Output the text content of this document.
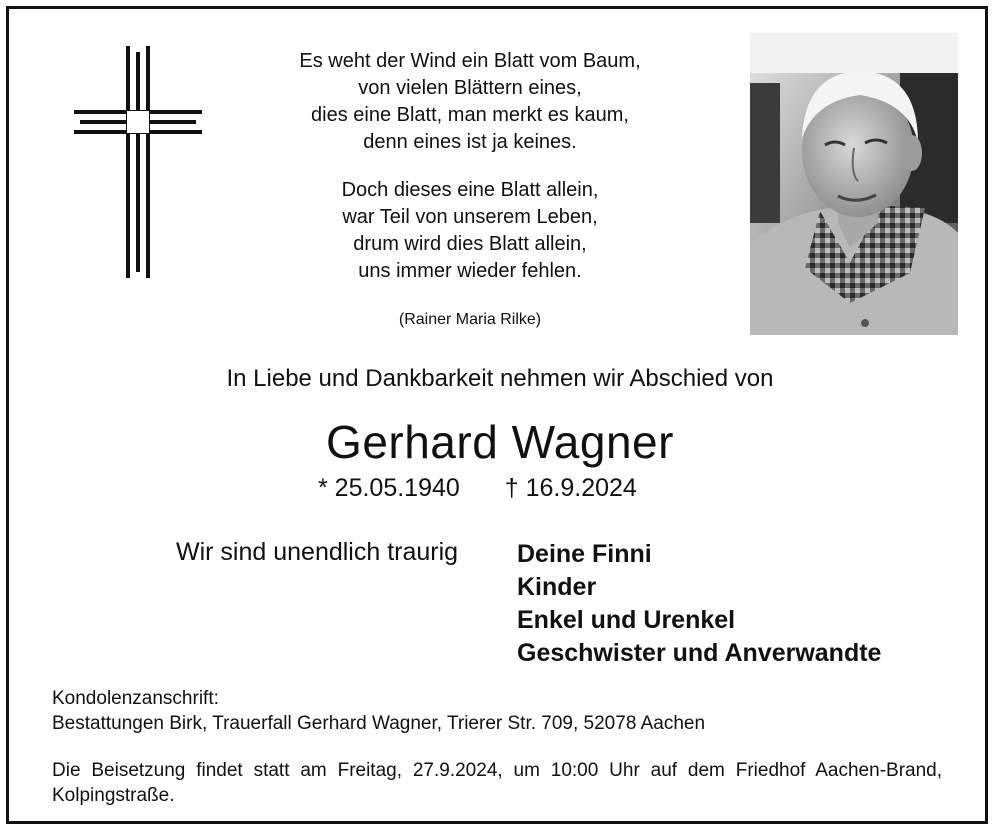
Es weht der Wind ein Blatt vom Baum,
von vielen Blättern eines,
dies eine Blatt, man merkt es kaum,
denn eines ist ja keines.
Doch dieses eine Blatt allein,
war Teil von unserem Leben,
drum wird dies Blatt allein,
uns immer wieder fehlen.
(Rainer Maria Rilke)
In Liebe und Dankbarkeit nehmen wir Abschied von
Gerhard Wagner
* 25.05.1940 † 16.9.2024
Wir sind unendlich traurig Deine Finni
Kinder
Enkel und Urenkel
Geschwister und Anverwandte
Kondolenzanschrift:
Bestattungen Birk, Trauerfall Gerhard Wagner, Trierer Str. 709, 52078 Aachen
Die Beisetzung findet statt am Freitag, 27.9.2024, um 10:00 Uhr auf dem Friedhof Aachen-Brand, Kolpingstraße.
